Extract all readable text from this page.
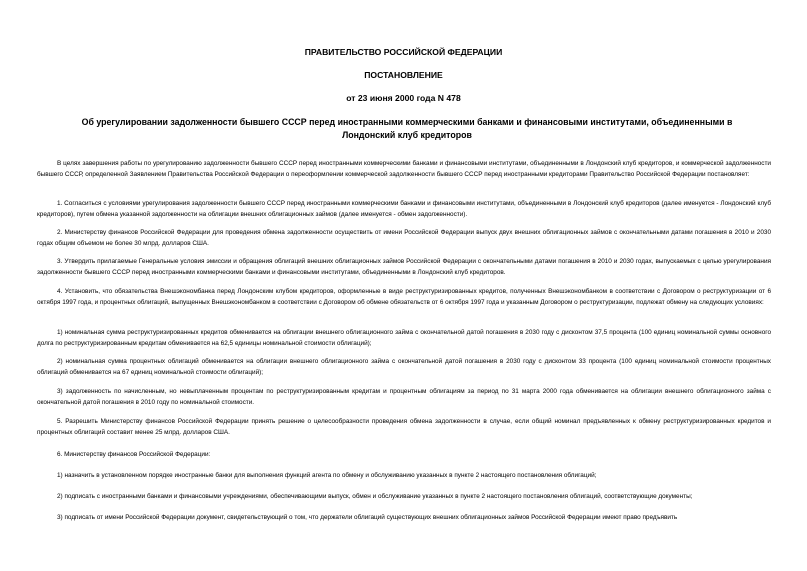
ПРАВИТЕЛЬСТВО РОССИЙСКОЙ ФЕДЕРАЦИИ

ПОСТАНОВЛЕНИЕ

от 23 июня 2000 года N 478

Об урегулировании задолженности бывшего СССР перед иностранными коммерческими банками и финансовыми институтами, объединенными в Лондонский клуб кредиторов

В целях завершения работы по урегулированию задолженности бывшего СССР перед иностранными коммерческими банками и финансовыми институтами, объединенными в Лондонский клуб кредиторов, и коммерческой задолженности бывшего СССР, определенной Заявлением Правительства Российской Федерации о переоформлении коммерческой задолженности бывшего СССР перед иностранными кредиторами Правительство Российской Федерации постановляет:

1. Согласиться с условиями урегулирования задолженности бывшего СССР перед иностранными коммерческими банками и финансовыми институтами, объединенными в Лондонский клуб кредиторов (далее именуется - Лондонский клуб кредиторов), путем обмена указанной задолженности на облигации внешних облигационных займов (далее именуется - обмен задолженности).

2. Министерству финансов Российской Федерации для проведения обмена задолженности осуществить от имени Российской Федерации выпуск двух внешних облигационных займов с окончательными датами погашения в 2010 и 2030 годах общим объемом не более 30 млрд. долларов США.

3. Утвердить прилагаемые Генеральные условия эмиссии и обращения облигаций внешних облигационных займов Российской Федерации с окончательными датами погашения в 2010 и 2030 годах, выпускаемых с целью урегулирования задолженности бывшего СССР перед иностранными коммерческими банками и финансовыми институтами, объединенными в Лондонский клуб кредиторов.

4. Установить, что обязательства Внешэкономбанка перед Лондонским клубом кредиторов, оформленные в виде реструктуризированных кредитов, полученных Внешэкономбанком в соответствии с Договором о реструктуризации от 6 октября 1997 года, и процентных облигаций, выпущенных Внешэкономбанком в соответствии с Договором об обмене обязательств от 6 октября 1997 года и указанным Договором о реструктуризации, подлежат обмену на следующих условиях:

1) номинальная сумма реструктуризированных кредитов обменивается на облигации внешнего облигационного займа с окончательной датой погашения в 2030 году с дисконтом 37,5 процента (100 единиц номинальной суммы основного долга по реструктуризированным кредитам обменивается на 62,5 единицы номинальной стоимости облигаций);

2) номинальная сумма процентных облигаций обменивается на облигации внешнего облигационного займа с окончательной датой погашения в 2030 году с дисконтом 33 процента (100 единиц номинальной стоимости процентных облигаций обменивается на 67 единиц номинальной стоимости облигаций);

3) задолженность по начисленным, но невыплаченным процентам по реструктуризированным кредитам и процентным облигациям за период по 31 марта 2000 года обменивается на облигации внешнего облигационного займа с окончательной датой погашения в 2010 году по номинальной стоимости.

5. Разрешить Министерству финансов Российской Федерации принять решение о целесообразности проведения обмена задолженности в случае, если общий номинал предъявленных к обмену реструктуризированных кредитов и процентных облигаций составит менее 25 млрд. долларов США.

6. Министерству финансов Российской Федерации:

1) назначить в установленном порядке иностранные банки для выполнения функций агента по обмену и обслуживанию указанных в пункте 2 настоящего постановления облигаций;

2) подписать с иностранными банками и финансовыми учреждениями, обеспечивающими выпуск, обмен и обслуживание указанных в пункте 2 настоящего постановления облигаций, соответствующие документы;

3) подписать от имени Российской Федерации документ, свидетельствующий о том, что держатели облигаций существующих внешних облигационных займов Российской Федерации имеют право предъявить
